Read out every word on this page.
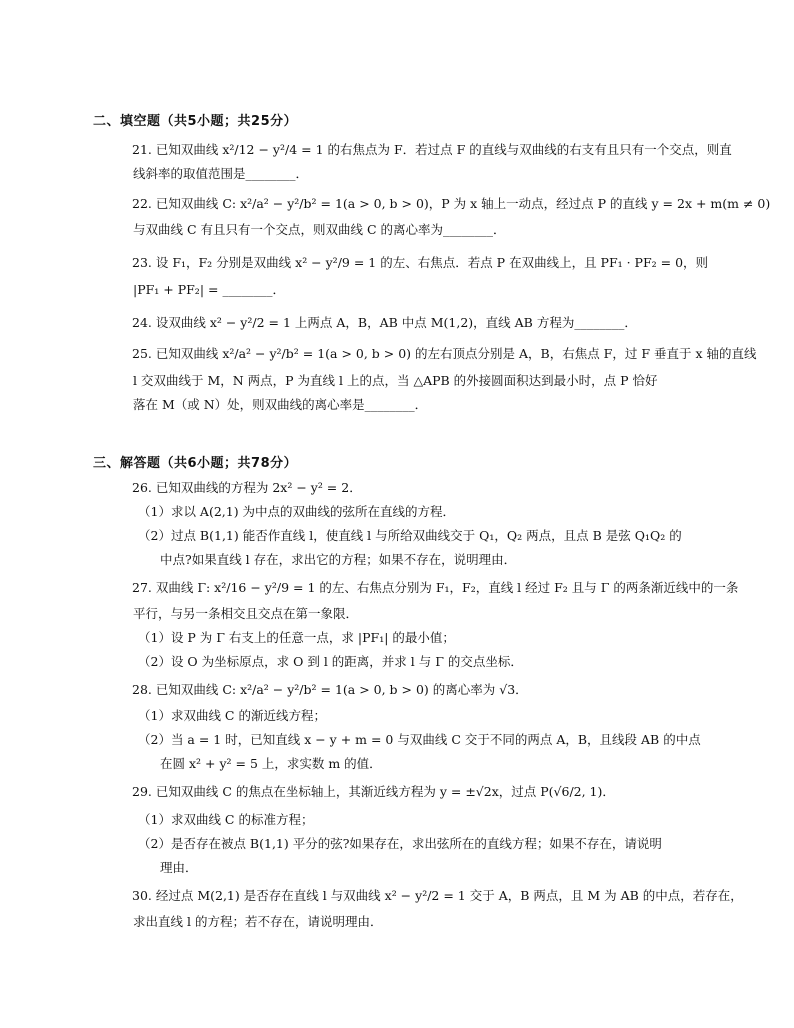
二、填空题（共5小题；共25分）
21. 已知双曲线 x²/12 − y²/4 = 1 的右焦点为 F．若过点 F 的直线与双曲线的右支有且只有一个交点，则直
线斜率的取值范围是________．
22. 已知双曲线 C: x²/a² − y²/b² = 1(a > 0, b > 0)，P 为 x 轴上一动点，经过点 P 的直线 y = 2x + m(m ≠ 0)
与双曲线 C 有且只有一个交点，则双曲线 C 的离心率为________．
23. 设 F₁，F₂ 分别是双曲线 x² − y²/9 = 1 的左、右焦点．若点 P 在双曲线上，且 PF₁ · PF₂ = 0，则
|PF₁ + PF₂| = ________．
24. 设双曲线 x² − y²/2 = 1 上两点 A，B，AB 中点 M(1,2)，直线 AB 方程为________．
25. 已知双曲线 x²/a² − y²/b² = 1(a > 0, b > 0) 的左右顶点分别是 A，B，右焦点 F，过 F 垂直于 x 轴的直线
l 交双曲线于 M，N 两点，P 为直线 l 上的点，当 △APB 的外接圆面积达到最小时，点 P 恰好
落在 M（或 N）处，则双曲线的离心率是________．
三、解答题（共6小题；共78分）
26. 已知双曲线的方程为 2x² − y² = 2．
（1）求以 A(2,1) 为中点的双曲线的弦所在直线的方程．
（2）过点 B(1,1) 能否作直线 l，使直线 l 与所给双曲线交于 Q₁，Q₂ 两点，且点 B 是弦 Q₁Q₂ 的
中点?如果直线 l 存在，求出它的方程；如果不存在，说明理由．
27. 双曲线 Γ: x²/16 − y²/9 = 1 的左、右焦点分别为 F₁，F₂，直线 l 经过 F₂ 且与 Γ 的两条渐近线中的一条
平行，与另一条相交且交点在第一象限．
（1）设 P 为 Γ 右支上的任意一点，求 |PF₁| 的最小值；
（2）设 O 为坐标原点，求 O 到 l 的距离，并求 l 与 Γ 的交点坐标．
28. 已知双曲线 C: x²/a² − y²/b² = 1(a > 0, b > 0) 的离心率为 √3．
（1）求双曲线 C 的渐近线方程；
（2）当 a = 1 时，已知直线 x − y + m = 0 与双曲线 C 交于不同的两点 A，B，且线段 AB 的中点
在圆 x² + y² = 5 上，求实数 m 的值．
29. 已知双曲线 C 的焦点在坐标轴上，其渐近线方程为 y = ±√2x，过点 P(√6/2, 1)．
（1）求双曲线 C 的标准方程；
（2）是否存在被点 B(1,1) 平分的弦?如果存在，求出弦所在的直线方程；如果不存在，请说明
理由．
30. 经过点 M(2,1) 是否存在直线 l 与双曲线 x² − y²/2 = 1 交于 A，B 两点，且 M 为 AB 的中点，若存在，
求出直线 l 的方程；若不存在，请说明理由．
